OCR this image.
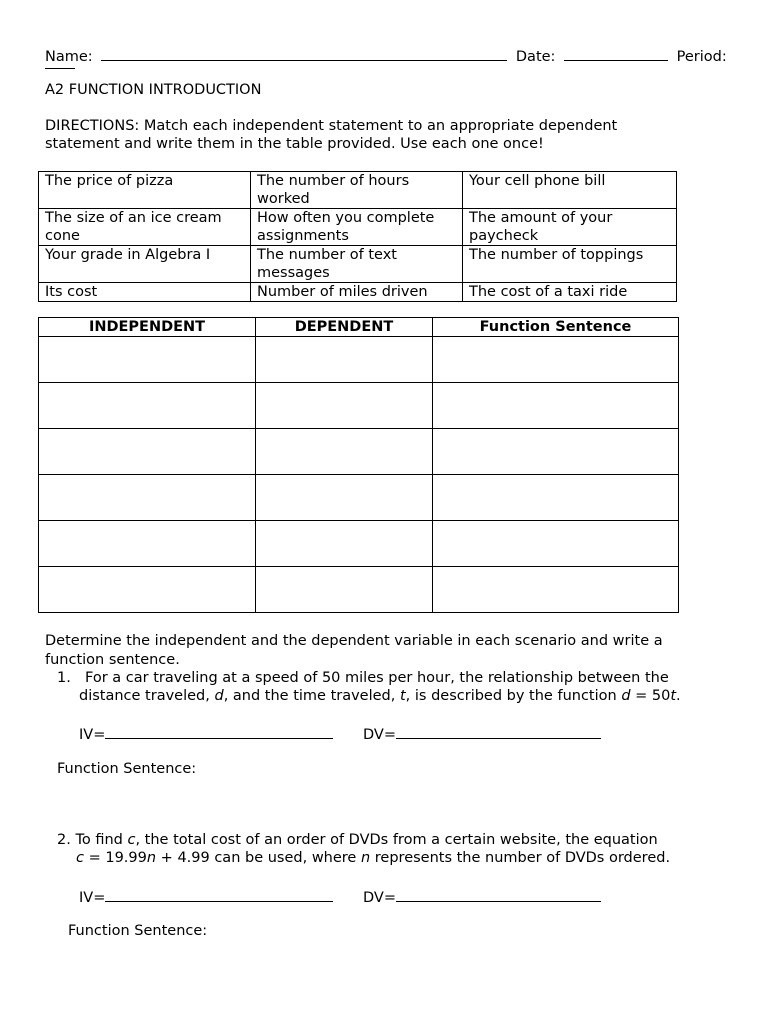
Name:	Date:	Period:
A2 FUNCTION INTRODUCTION
DIRECTIONS: Match each independent statement to an appropriate dependent
statement and write them in the table provided. Use each one once!
The price of pizza	The number of hours worked	Your cell phone bill
The size of an ice cream cone	How often you complete assignments	The amount of your paycheck
Your grade in Algebra I	The number of text messages	The number of toppings
Its cost	Number of miles driven	The cost of a taxi ride
INDEPENDENT	DEPENDENT	Function Sentence

Determine the independent and the dependent variable in each scenario and write a
function sentence.
1. For a car traveling at a speed of 50 miles per hour, the relationship between the
distance traveled, d, and the time traveled, t, is described by the function d = 50t.
IV=	DV=
Function Sentence:
2. To find c, the total cost of an order of DVDs from a certain website, the equation
c = 19.99n + 4.99 can be used, where n represents the number of DVDs ordered.
IV=	DV=
Function Sentence:
